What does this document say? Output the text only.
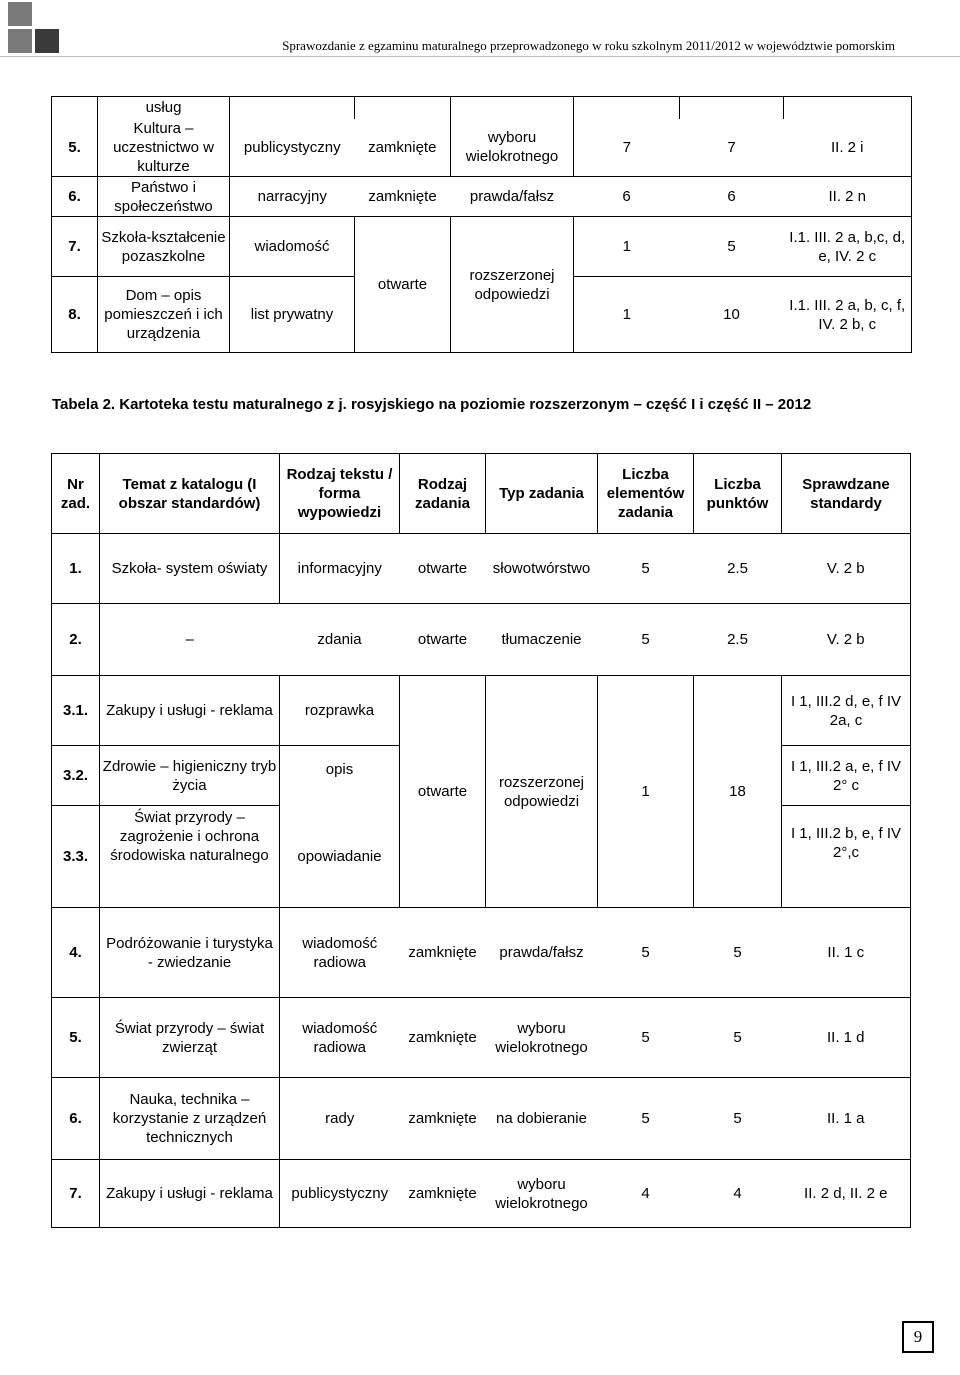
Sprawozdanie z egzaminu maturalnego przeprowadzonego w roku szkolnym 2011/2012 w województwie pomorskim
	usług						
5.	Kultura – uczestnictwo w kulturze	publicystyczny	zamknięte	wyboru wielokrotnego	7	7	II. 2 i
6.	Państwo i społeczeństwo	narracyjny	zamknięte	prawda/fałsz	6	6	II. 2 n
7.	Szkoła-kształcenie pozaszkolne	wiadomość	otwarte	rozszerzonej odpowiedzi	1	5	I.1. III. 2 a, b,c, d, e, IV. 2 c
8.	Dom – opis pomieszczeń i ich urządzenia	list prywatny			1	10	I.1. III. 2 a, b, c, f, IV. 2 b, c
Tabela 2. Kartoteka testu maturalnego z j. rosyjskiego na poziomie rozszerzonym – część I i część II – 2012
Nr zad.	Temat z katalogu (I obszar standardów)	Rodzaj tekstu / forma wypowiedzi	Rodzaj zadania	Typ zadania	Liczba elementów zadania	Liczba punktów	Sprawdzane standardy
1.	Szkoła- system oświaty	informacyjny	otwarte	słowotwórstwo	5	2.5	V. 2 b
2.	–	zdania	otwarte	tłumaczenie	5	2.5	V. 2 b
3.1.	Zakupy i usługi - reklama	rozprawka	otwarte	rozszerzonej odpowiedzi	1	18	I 1, III.2 d, e, f IV 2a, c
3.2.	Zdrowie – higieniczny tryb życia	opis					I 1, III.2 a, e, f IV 2° c
3.3.	Świat przyrody – zagrożenie i ochrona środowiska naturalnego	opowiadanie					I 1, III.2 b, e, f IV 2°,c
4.	Podróżowanie i turystyka - zwiedzanie	wiadomość radiowa	zamknięte	prawda/fałsz	5	5	II. 1 c
5.	Świat przyrody – świat zwierząt	wiadomość radiowa	zamknięte	wyboru wielokrotnego	5	5	II. 1 d
6.	Nauka, technika – korzystanie z urządzeń technicznych	rady	zamknięte	na dobieranie	5	5	II. 1 a
7.	Zakupy i usługi - reklama	publicystyczny	zamknięte	wyboru wielokrotnego	4	4	II. 2 d, II. 2 e
9
